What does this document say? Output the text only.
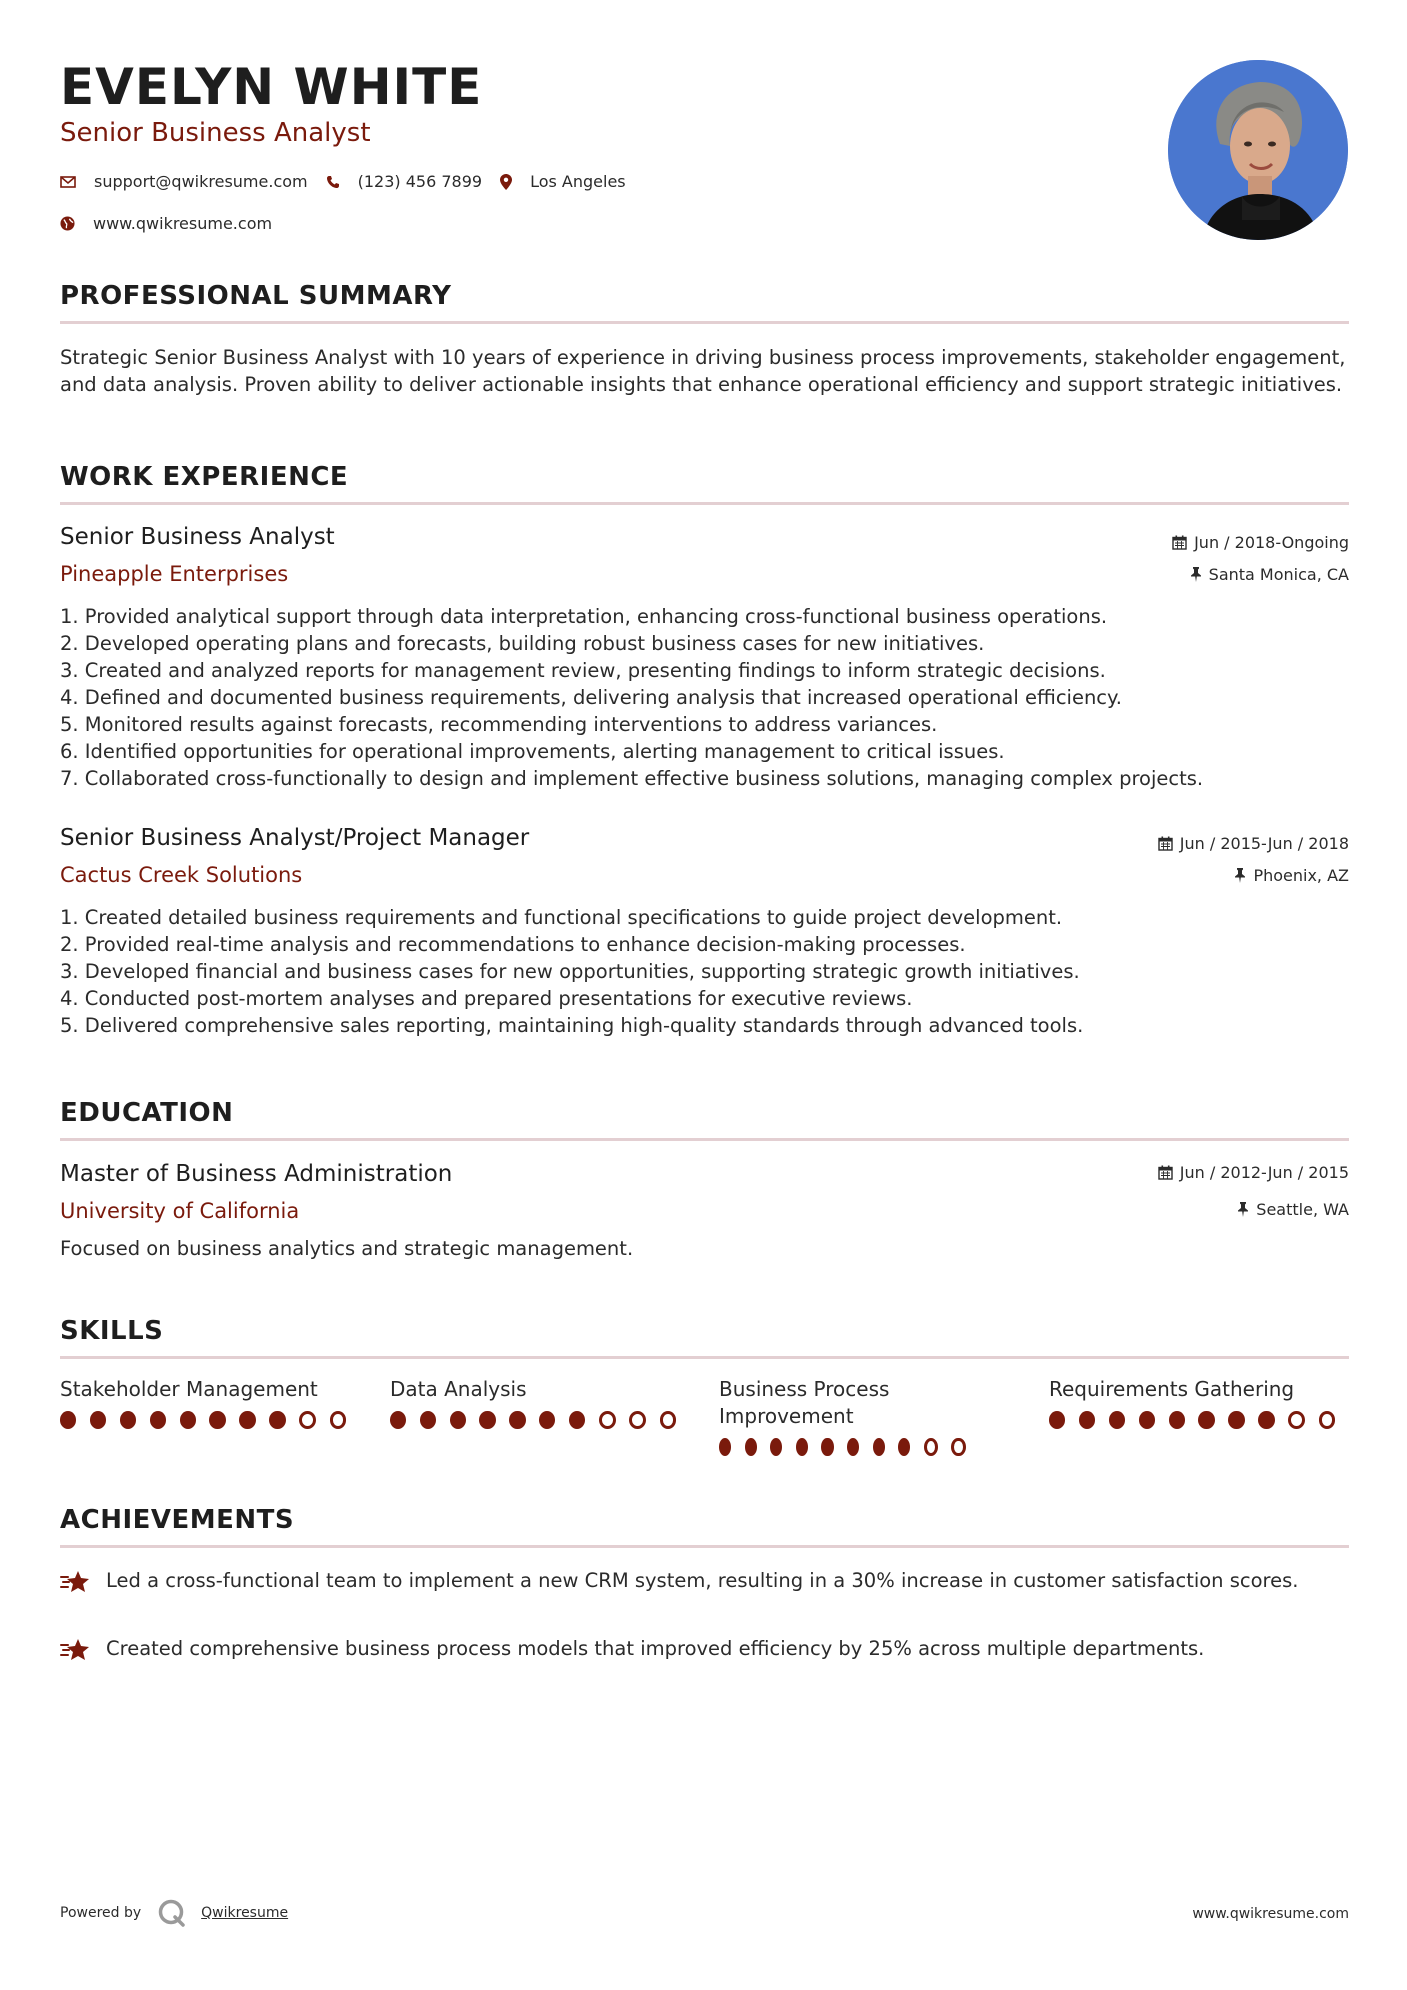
EVELYN WHITE
Senior Business Analyst
support@qwikresume.com	(123) 456 7899	Los Angeles
www.qwikresume.com
PROFESSIONAL SUMMARY
Strategic Senior Business Analyst with 10 years of experience in driving business process improvements, stakeholder engagement, and data analysis. Proven ability to deliver actionable insights that enhance operational efficiency and support strategic initiatives.
WORK EXPERIENCE
Senior Business Analyst
Pineapple Enterprises
Jun / 2018-Ongoing
Santa Monica, CA
1. Provided analytical support through data interpretation, enhancing cross-functional business operations.
2. Developed operating plans and forecasts, building robust business cases for new initiatives.
3. Created and analyzed reports for management review, presenting findings to inform strategic decisions.
4. Defined and documented business requirements, delivering analysis that increased operational efficiency.
5. Monitored results against forecasts, recommending interventions to address variances.
6. Identified opportunities for operational improvements, alerting management to critical issues.
7. Collaborated cross-functionally to design and implement effective business solutions, managing complex projects.
Senior Business Analyst/Project Manager
Cactus Creek Solutions
Jun / 2015-Jun / 2018
Phoenix, AZ
1. Created detailed business requirements and functional specifications to guide project development.
2. Provided real-time analysis and recommendations to enhance decision-making processes.
3. Developed financial and business cases for new opportunities, supporting strategic growth initiatives.
4. Conducted post-mortem analyses and prepared presentations for executive reviews.
5. Delivered comprehensive sales reporting, maintaining high-quality standards through advanced tools.
EDUCATION
Master of Business Administration
University of California
Jun / 2012-Jun / 2015
Seattle, WA
Focused on business analytics and strategic management.
SKILLS
Stakeholder Management	Data Analysis	Business Process Improvement
Requirements Gathering
ACHIEVEMENTS
Led a cross-functional team to implement a new CRM system, resulting in a 30% increase in customer satisfaction scores.
Created comprehensive business process models that improved efficiency by 25% across multiple departments.
Powered by	Qwikresume	www.qwikresume.com
